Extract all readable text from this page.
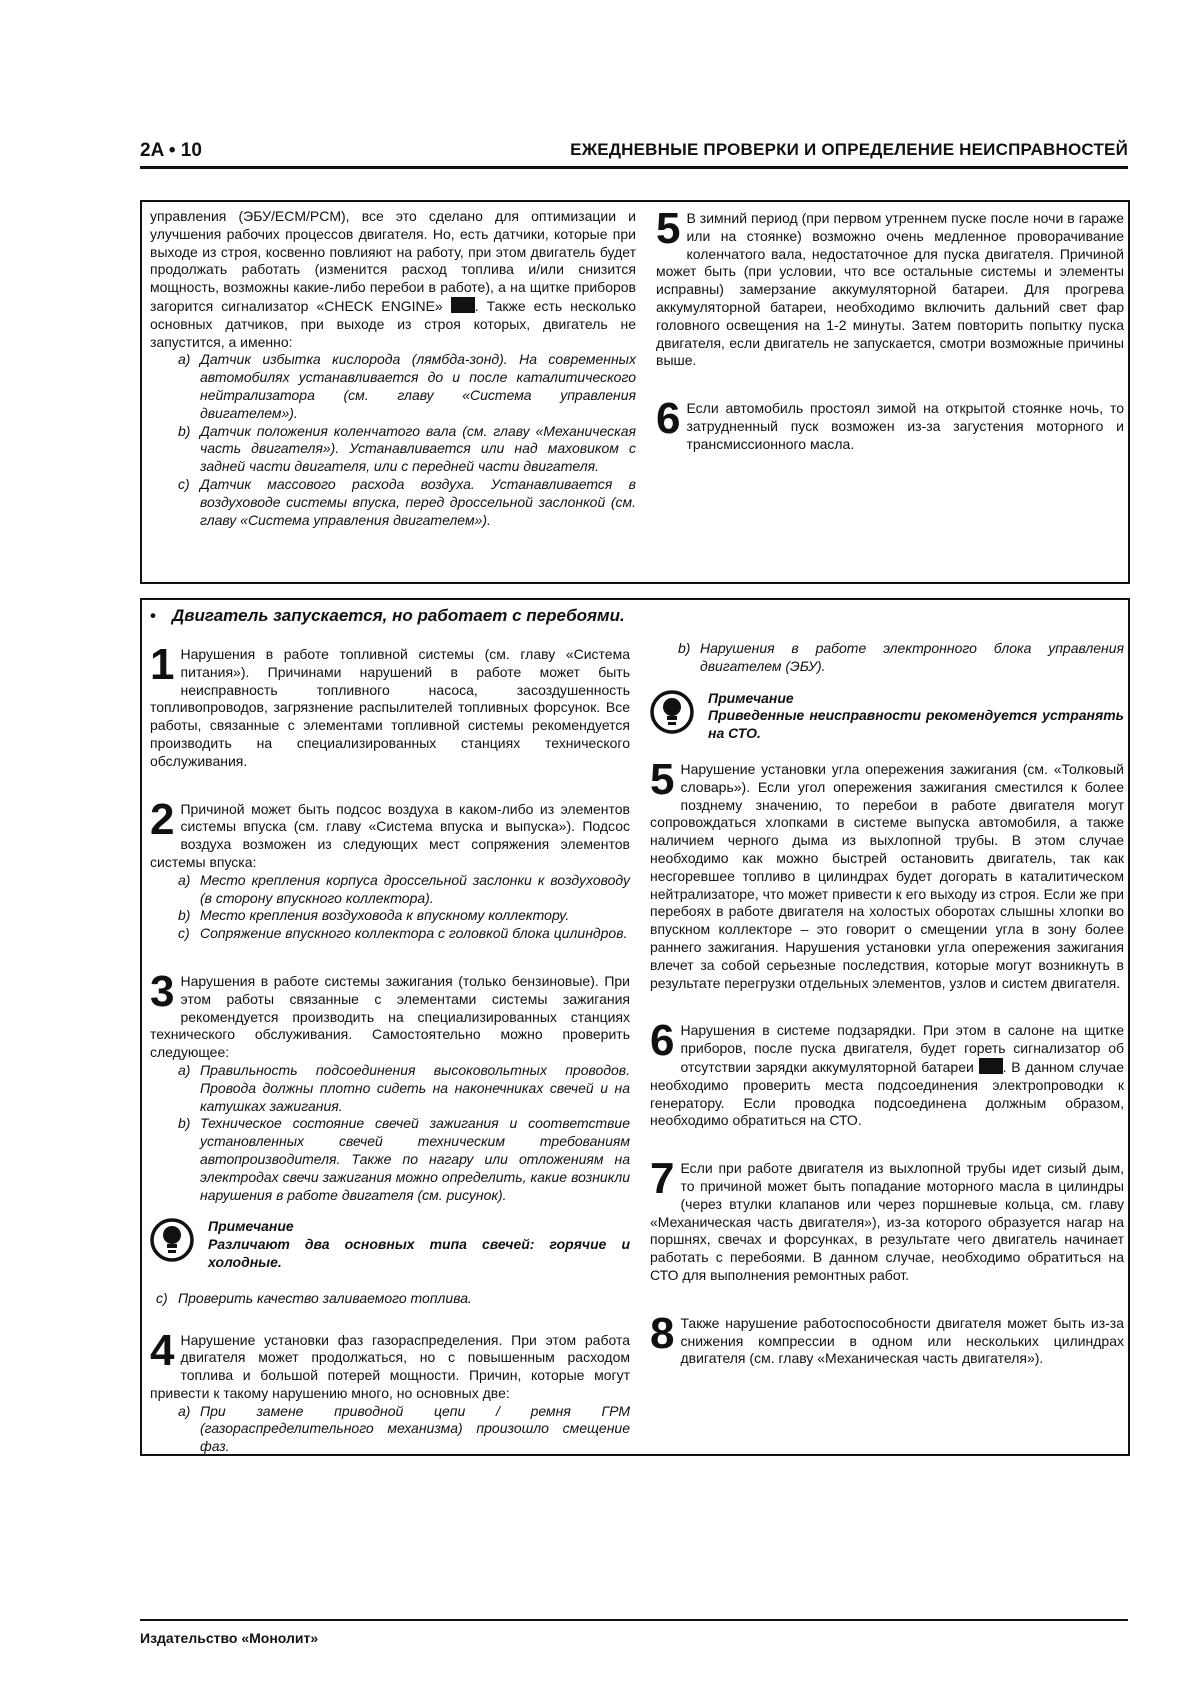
2A • 10	ЕЖЕДНЕВНЫЕ ПРОВЕРКИ И ОПРЕДЕЛЕНИЕ НЕИСПРАВНОСТЕЙ

управления (ЭБУ/ECM/PCM), все это сделано для оптимизации и улучшения рабочих процессов двигателя. Но, есть датчики, которые при выходе из строя, косвенно повлияют на работу, при этом двигатель будет продолжать работать (изменится расход топлива и/или снизится мощность, возможны какие-либо перебои в работе), а на щитке приборов загорится сигнализатор «CHECK ENGINE» . Также есть несколько основных датчиков, при выходе из строя которых, двигатель не запустится, а именно:

a) Датчик избытка кислорода (лямбда-зонд). На современных автомобилях устанавливается до и после каталитического нейтрализатора (см. главу «Система управления двигателем»).

b) Датчик положения коленчатого вала (см. главу «Механическая часть двигателя»). Устанавливается или над маховиком с задней части двигателя, или с передней части двигателя.

c) Датчик массового расхода воздуха. Устанавливается в воздуховоде системы впуска, перед дроссельной заслонкой (см. главу «Система управления двигателем»).

5 В зимний период (при первом утреннем пуске после ночи в гараже или на стоянке) возможно очень медленное проворачивание коленчатого вала, недостаточное для пуска двигателя. Причиной может быть (при условии, что все остальные системы и элементы исправны) замерзание аккумуляторной батареи. Для прогрева аккумуляторной батареи, необходимо включить дальний свет фар головного освещения на 1-2 минуты. Затем повторить попытку пуска двигателя, если двигатель не запускается, смотри возможные причины выше.

6 Если автомобиль простоял зимой на открытой стоянке ночь, то затрудненный пуск возможен из-за загустения моторного и трансмиссионного масла.

• Двигатель запускается, но работает с перебоями.
1 Нарушения в работе топливной системы (см. главу «Система питания»). Причинами нарушений в работе может быть неисправность топливного насоса, засоздушенность топливопроводов, загрязнение распылителей топливных форсунок. Все работы, связанные с элементами топливной системы рекомендуется производить на специализированных станциях технического обслуживания.

2 Причиной может быть подсос воздуха в каком-либо из элементов системы впуска (см. главу «Система впуска и выпуска»). Подсос воздуха возможен из следующих мест сопряжения элементов системы впуска:

a) Место крепления корпуса дроссельной заслонки к воздуховоду (в сторону впускного коллектора).

b) Место крепления воздуховода к впускному коллектору.

c) Сопряжение впускного коллектора с головкой блока цилиндров.

3 Нарушения в работе системы зажигания (только бензиновые). При этом работы связанные с элементами системы зажигания рекомендуется производить на специализированных станциях технического обслуживания. Самостоятельно можно проверить следующее:

a) Правильность подсоединения высоковольтных проводов. Провода должны плотно сидеть на наконечниках свечей и на катушках зажигания.

b) Техническое состояние свечей зажигания и соответствие установленных свечей техническим требованиям автопроизводителя. Также по нагару или отложениям на электродах свечи зажигания можно определить, какие возникли нарушения в работе двигателя (см. рисунок).

Примечание
Различают два основных типа свечей: горячие и холодные.

c) Проверить качество заливаемого топлива.

4 Нарушение установки фаз газораспределения. При этом работа двигателя может продолжаться, но с повышенным расходом топлива и большой потерей мощности. Причин, которые могут привести к такому нарушению много, но основных две:

a) При замене приводной цепи / ремня ГРМ (газораспределительного механизма) произошло смещение фаз.

b) Нарушения в работе электронного блока управления двигателем (ЭБУ).

Примечание
Приведенные неисправности рекомендуется устранять на СТО.
5 Нарушение установки угла опережения зажигания (см. «Толковый словарь»). Если угол опережения зажигания сместился к более позднему значению, то перебои в работе двигателя могут сопровождаться хлопками в системе выпуска автомобиля, а также наличием черного дыма из выхлопной трубы. В этом случае необходимо как можно быстрей остановить двигатель, так как несгоревшее топливо в цилиндрах будет догорать в каталитическом нейтрализаторе, что может привести к его выходу из строя. Если же при перебоях в работе двигателя на холостых оборотах слышны хлопки во впускном коллекторе – это говорит о смещении угла в зону более раннего зажигания. Нарушения установки угла опережения зажигания влечет за собой серьезные последствия, которые могут возникнуть в результате перегрузки отдельных элементов, узлов и систем двигателя.

6 Нарушения в системе подзарядки. При этом в салоне на щитке приборов, после пуска двигателя, будет гореть сигнализатор об отсутствии зарядки аккумуляторной батареи . В данном случае необходимо проверить места подсоединения электропроводки к генератору. Если проводка подсоединена должным образом, необходимо обратиться на СТО.

7 Если при работе двигателя из выхлопной трубы идет сизый дым, то причиной может быть попадание моторного масла в цилиндры (через втулки клапанов или через поршневые кольца, см. главу «Механическая часть двигателя»), из-за которого образуется нагар на поршнях, свечах и форсунках, в результате чего двигатель начинает работать с перебоями. В данном случае, необходимо обратиться на СТО для выполнения ремонтных работ.

8 Также нарушение работоспособности двигателя может быть из-за снижения компрессии в одном или нескольких цилиндрах двигателя (см. главу «Механическая часть двигателя»).

Издательство «Монолит»
